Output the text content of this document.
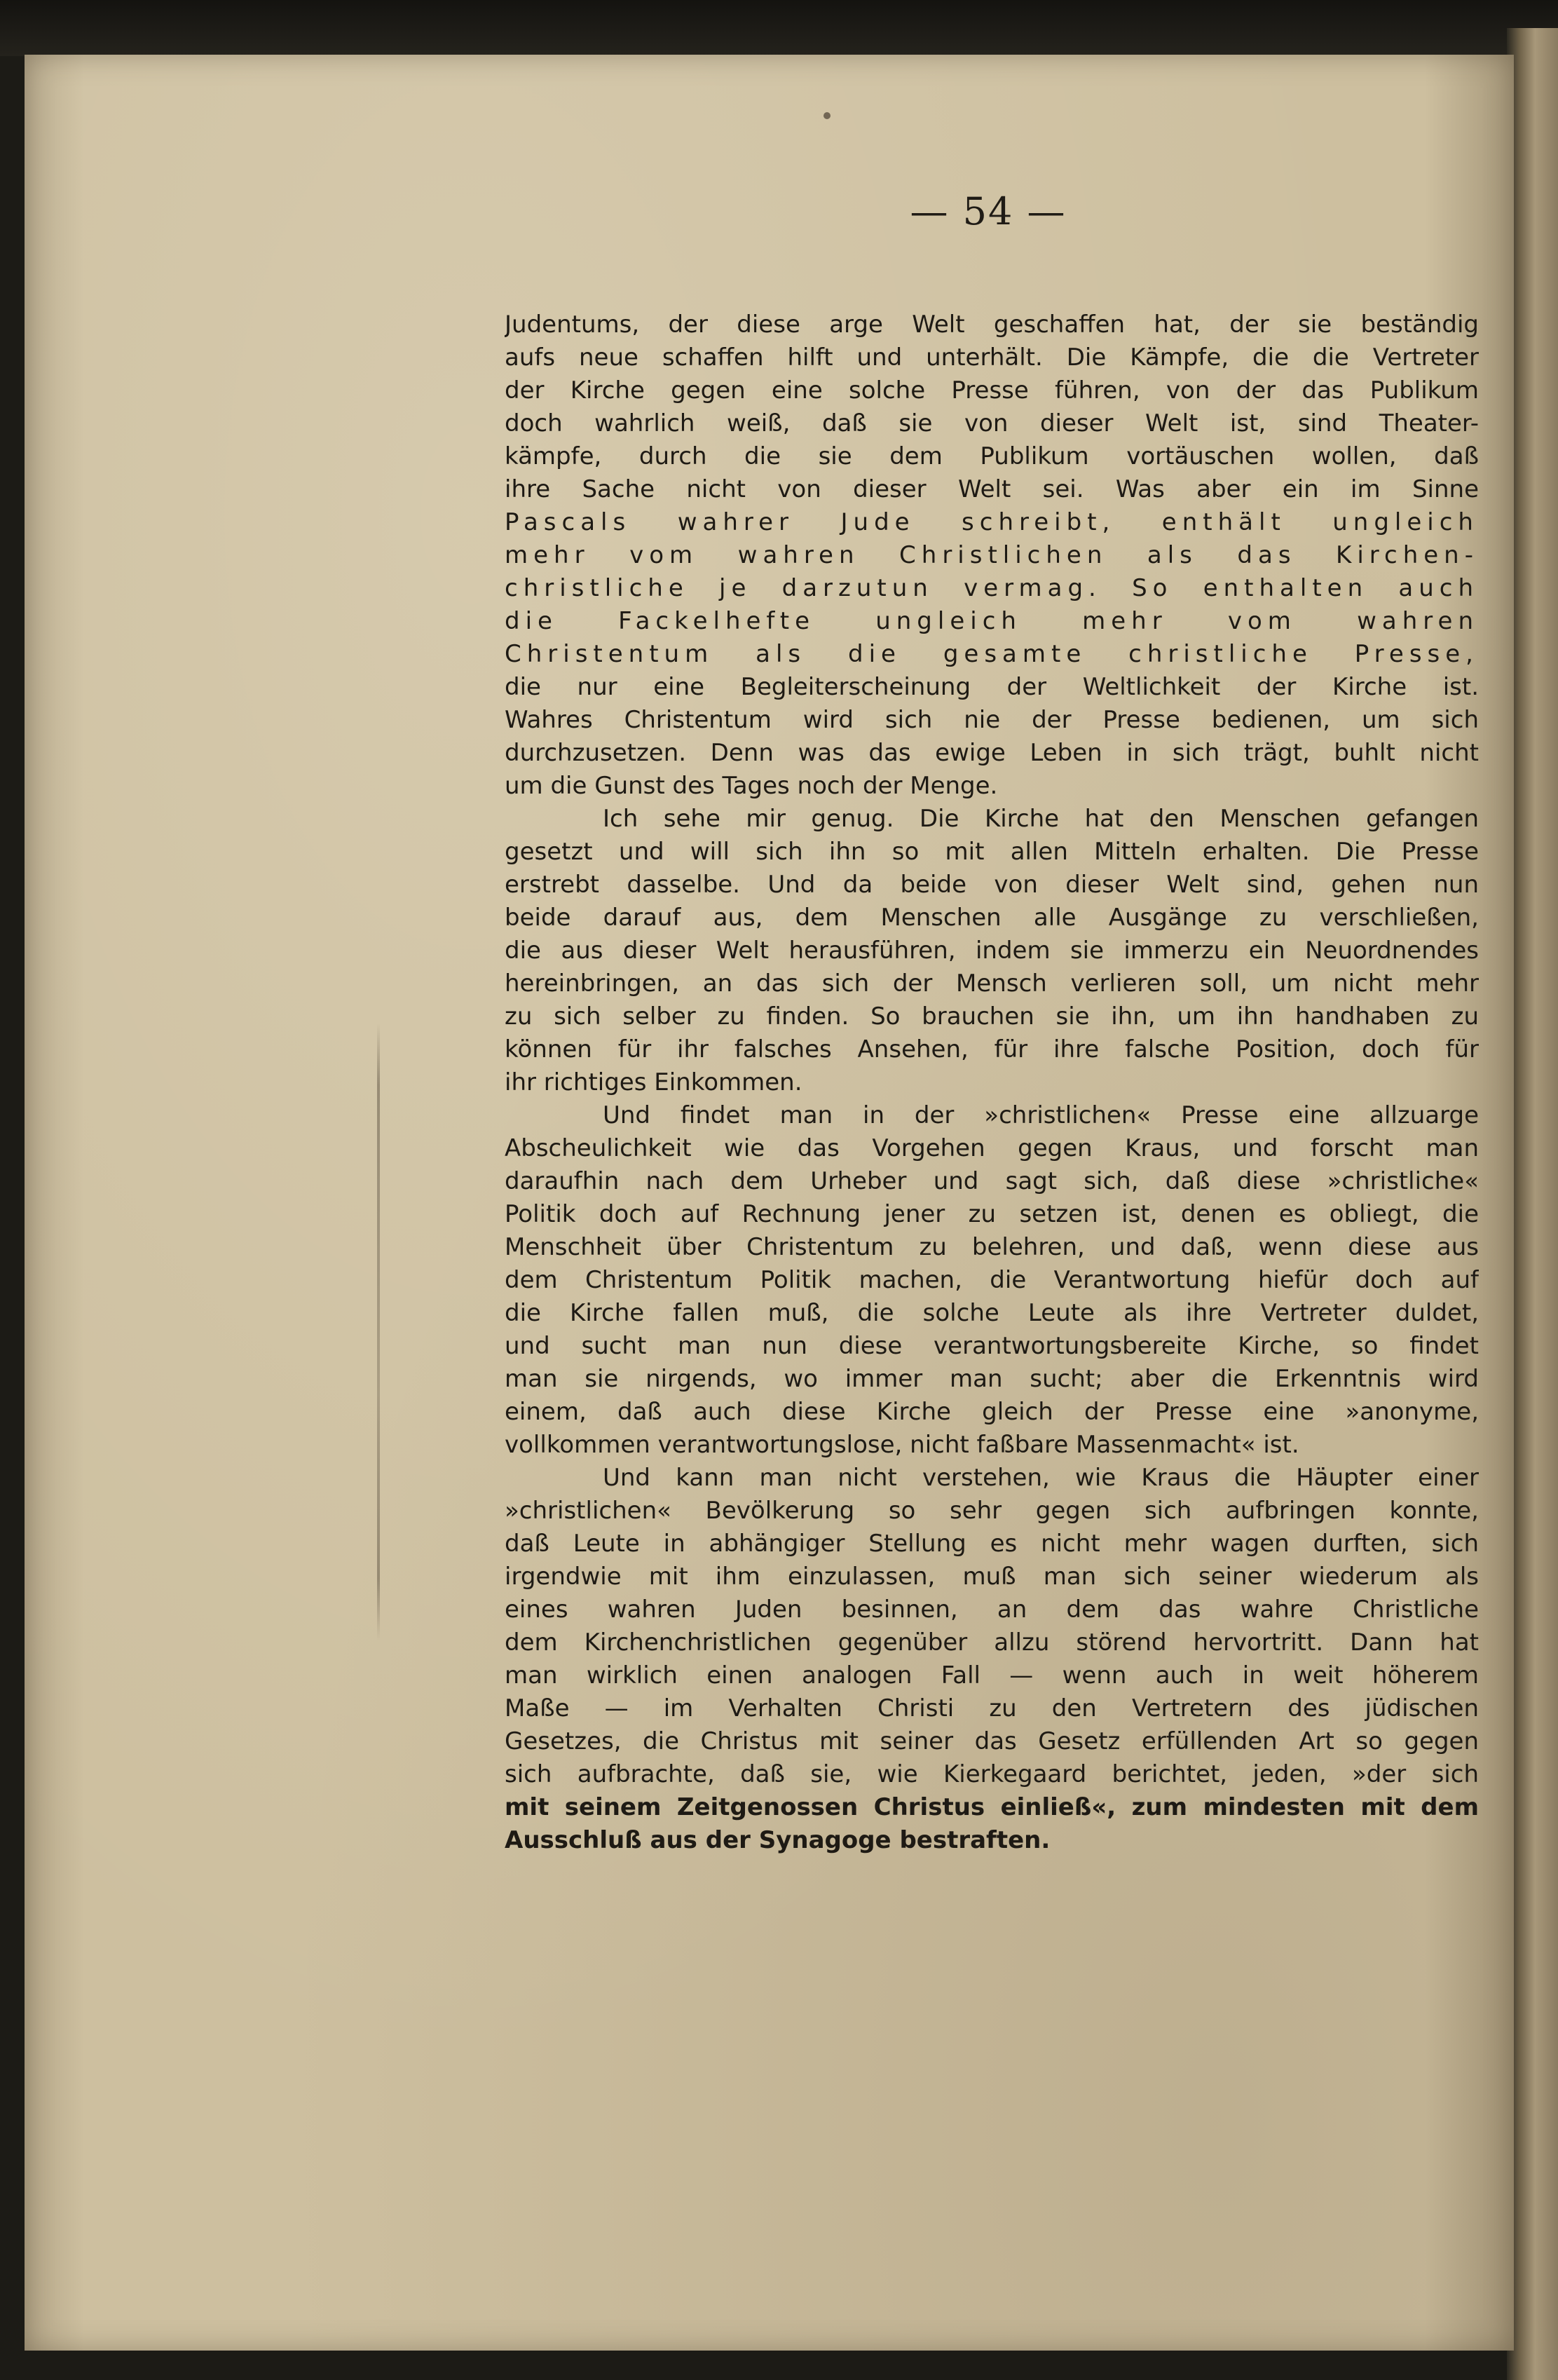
— 54 —
Judentums, der diese arge Welt geschaffen hat, der sie beständig
aufs neue schaffen hilft und unterhält. Die Kämpfe, die die Vertreter
der Kirche gegen eine solche Presse führen, von der das Publikum
doch wahrlich weiß, daß sie von dieser Welt ist, sind Theater-
kämpfe, durch die sie dem Publikum vortäuschen wollen, daß
ihre Sache nicht von dieser Welt sei. Was aber ein im Sinne
Pascals wahrer Jude schreibt, enthält ungleich
mehr vom wahren Christlichen als das Kirchen-
christliche je darzutun vermag. So enthalten auch
die Fackelhefte ungleich mehr vom wahren
Christentum als die gesamte christliche Presse,
die nur eine Begleiterscheinung der Weltlichkeit der Kirche ist.
Wahres Christentum wird sich nie der Presse bedienen, um sich
durchzusetzen. Denn was das ewige Leben in sich trägt, buhlt nicht
um die Gunst des Tages noch der Menge.
Ich sehe mir genug. Die Kirche hat den Menschen gefangen
gesetzt und will sich ihn so mit allen Mitteln erhalten. Die Presse
erstrebt dasselbe. Und da beide von dieser Welt sind, gehen nun
beide darauf aus, dem Menschen alle Ausgänge zu verschließen,
die aus dieser Welt herausführen, indem sie immerzu ein Neuordnendes
hereinbringen, an das sich der Mensch verlieren soll, um nicht mehr
zu sich selber zu finden. So brauchen sie ihn, um ihn handhaben zu
können für ihr falsches Ansehen, für ihre falsche Position, doch für
ihr richtiges Einkommen.
Und findet man in der »christlichen« Presse eine allzuarge
Abscheulichkeit wie das Vorgehen gegen Kraus, und forscht man
daraufhin nach dem Urheber und sagt sich, daß diese »christliche«
Politik doch auf Rechnung jener zu setzen ist, denen es obliegt, die
Menschheit über Christentum zu belehren, und daß, wenn diese aus
dem Christentum Politik machen, die Verantwortung hiefür doch auf
die Kirche fallen muß, die solche Leute als ihre Vertreter duldet,
und sucht man nun diese verantwortungsbereite Kirche, so findet
man sie nirgends, wo immer man sucht; aber die Erkenntnis wird
einem, daß auch diese Kirche gleich der Presse eine »anonyme,
vollkommen verantwortungslose, nicht faßbare Massenmacht« ist.
Und kann man nicht verstehen, wie Kraus die Häupter einer
»christlichen« Bevölkerung so sehr gegen sich aufbringen konnte,
daß Leute in abhängiger Stellung es nicht mehr wagen durften, sich
irgendwie mit ihm einzulassen, muß man sich seiner wiederum als
eines wahren Juden besinnen, an dem das wahre Christliche
dem Kirchenchristlichen gegenüber allzu störend hervortritt. Dann hat
man wirklich einen analogen Fall — wenn auch in weit höherem
Maße — im Verhalten Christi zu den Vertretern des jüdischen
Gesetzes, die Christus mit seiner das Gesetz erfüllenden Art so gegen
sich aufbrachte, daß sie, wie Kierkegaard berichtet, jeden, »der sich
mit seinem Zeitgenossen Christus einließ«, zum mindesten mit dem
Ausschluß aus der Synagoge bestraften.
